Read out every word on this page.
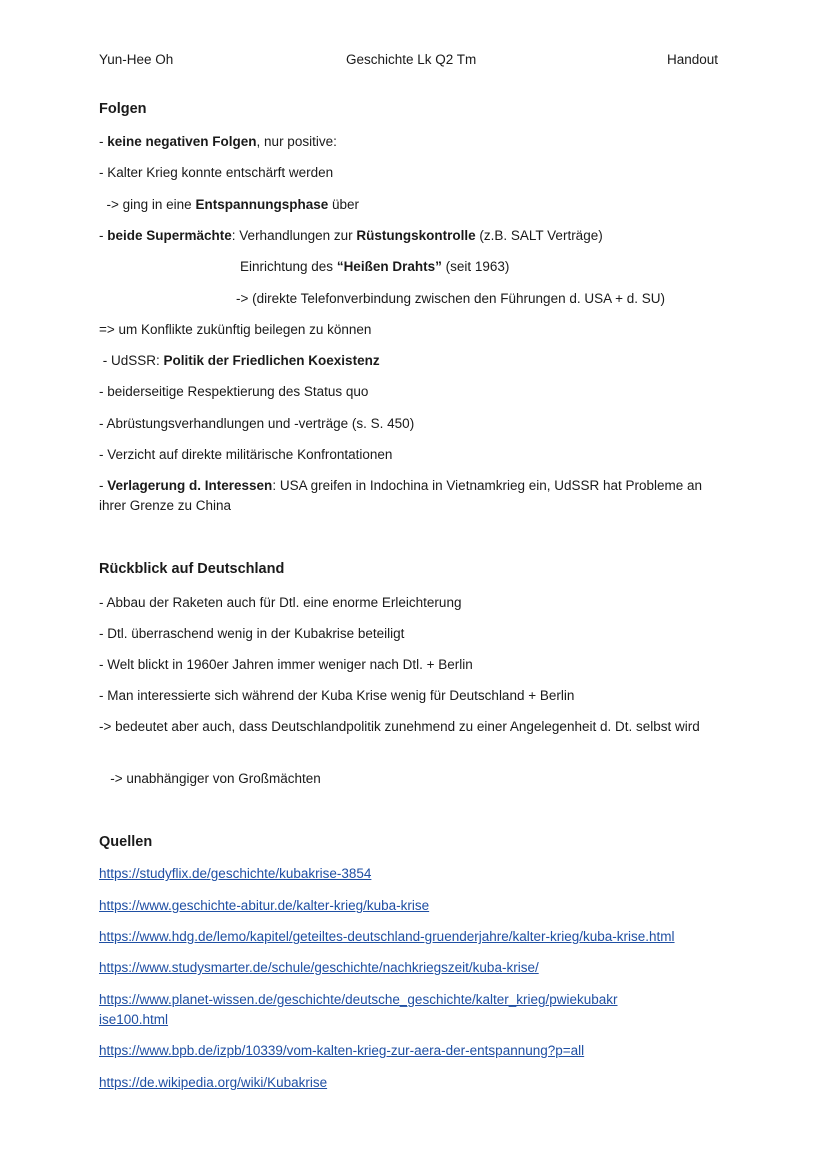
Yun-Hee Oh	Geschichte Lk Q2 Tm	Handout
Folgen
- keine negativen Folgen, nur positive:
- Kalter Krieg konnte entschärft werden
-> ging in eine Entspannungsphase über
- beide Supermächte: Verhandlungen zur Rüstungskontrolle (z.B. SALT Verträge)
Einrichtung des “Heißen Drahts” (seit 1963)
-> (direkte Telefonverbindung zwischen den Führungen d. USA + d. SU)
=> um Konflikte zukünftig beilegen zu können
- UdSSR: Politik der Friedlichen Koexistenz
- beiderseitige Respektierung des Status quo
- Abrüstungsverhandlungen und -verträge (s. S. 450)
- Verzicht auf direkte militärische Konfrontationen
- Verlagerung d. Interessen: USA greifen in Indochina in Vietnamkrieg ein, UdSSR hat Probleme an ihrer Grenze zu China
Rückblick auf Deutschland
- Abbau der Raketen auch für Dtl. eine enorme Erleichterung
- Dtl. überraschend wenig in der Kubakrise beteiligt
- Welt blickt in 1960er Jahren immer weniger nach Dtl. + Berlin
- Man interessierte sich während der Kuba Krise wenig für Deutschland + Berlin
-> bedeutet aber auch, dass Deutschlandpolitik zunehmend zu einer Angelegenheit d. Dt. selbst wird
-> unabhängiger von Großmächten
Quellen
https://studyflix.de/geschichte/kubakrise-3854
https://www.geschichte-abitur.de/kalter-krieg/kuba-krise
https://www.hdg.de/lemo/kapitel/geteiltes-deutschland-gruenderjahre/kalter-krieg/kuba-krise.html
https://www.studysmarter.de/schule/geschichte/nachkriegszeit/kuba-krise/
https://www.planet-wissen.de/geschichte/deutsche_geschichte/kalter_krieg/pwiekubakrise100.html
https://www.bpb.de/izpb/10339/vom-kalten-krieg-zur-aera-der-entspannung?p=all
https://de.wikipedia.org/wiki/Kubakrise
